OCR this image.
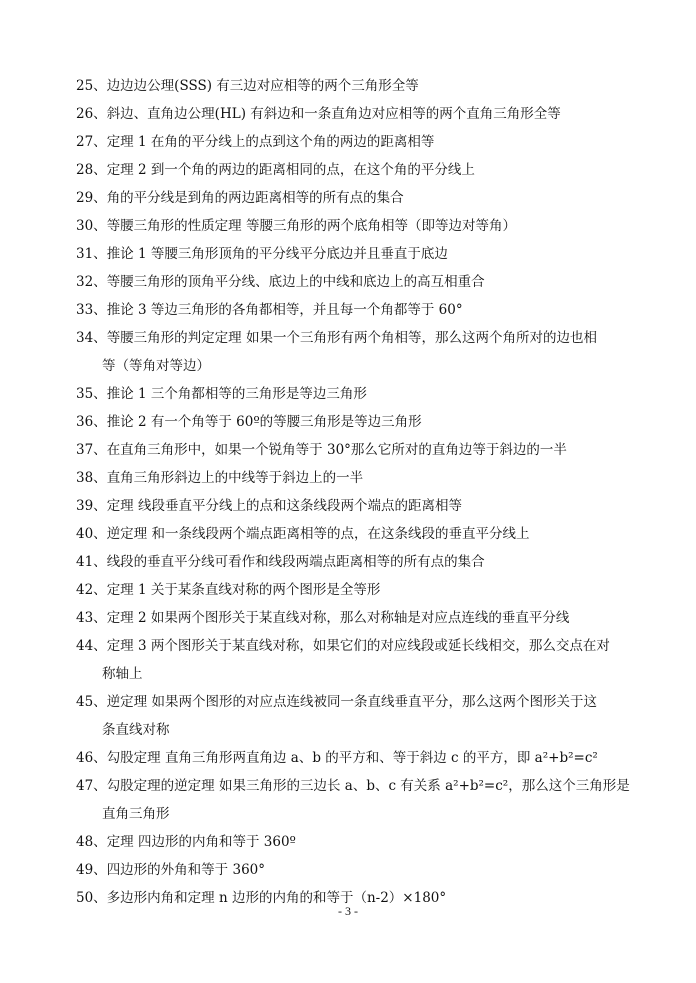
25、边边边公理(SSS) 有三边对应相等的两个三角形全等
26、斜边、直角边公理(HL) 有斜边和一条直角边对应相等的两个直角三角形全等
27、定理 1 在角的平分线上的点到这个角的两边的距离相等
28、定理 2 到一个角的两边的距离相同的点，在这个角的平分线上
29、角的平分线是到角的两边距离相等的所有点的集合
30、等腰三角形的性质定理 等腰三角形的两个底角相等（即等边对等角）
31、推论 1 等腰三角形顶角的平分线平分底边并且垂直于底边
32、等腰三角形的顶角平分线、底边上的中线和底边上的高互相重合
33、推论 3 等边三角形的各角都相等，并且每一个角都等于 60°
34、等腰三角形的判定定理 如果一个三角形有两个角相等，那么这两个角所对的边也相
等（等角对等边）
35、推论 1 三个角都相等的三角形是等边三角形
36、推论 2 有一个角等于 60º的等腰三角形是等边三角形
37、在直角三角形中，如果一个锐角等于 30°那么它所对的直角边等于斜边的一半
38、直角三角形斜边上的中线等于斜边上的一半
39、定理 线段垂直平分线上的点和这条线段两个端点的距离相等
40、逆定理 和一条线段两个端点距离相等的点，在这条线段的垂直平分线上
41、线段的垂直平分线可看作和线段两端点距离相等的所有点的集合
42、定理 1 关于某条直线对称的两个图形是全等形
43、定理 2 如果两个图形关于某直线对称，那么对称轴是对应点连线的垂直平分线
44、定理 3 两个图形关于某直线对称，如果它们的对应线段或延长线相交，那么交点在对
称轴上
45、逆定理 如果两个图形的对应点连线被同一条直线垂直平分，那么这两个图形关于这
条直线对称
46、勾股定理 直角三角形两直角边 a、b 的平方和、等于斜边 c 的平方，即 a²+b²=c²
47、勾股定理的逆定理 如果三角形的三边长 a、b、c 有关系 a²+b²=c²，那么这个三角形是
直角三角形
48、定理 四边形的内角和等于 360º
49、四边形的外角和等于 360°
50、多边形内角和定理 n 边形的内角的和等于（n-2）×180°
- 3 -
